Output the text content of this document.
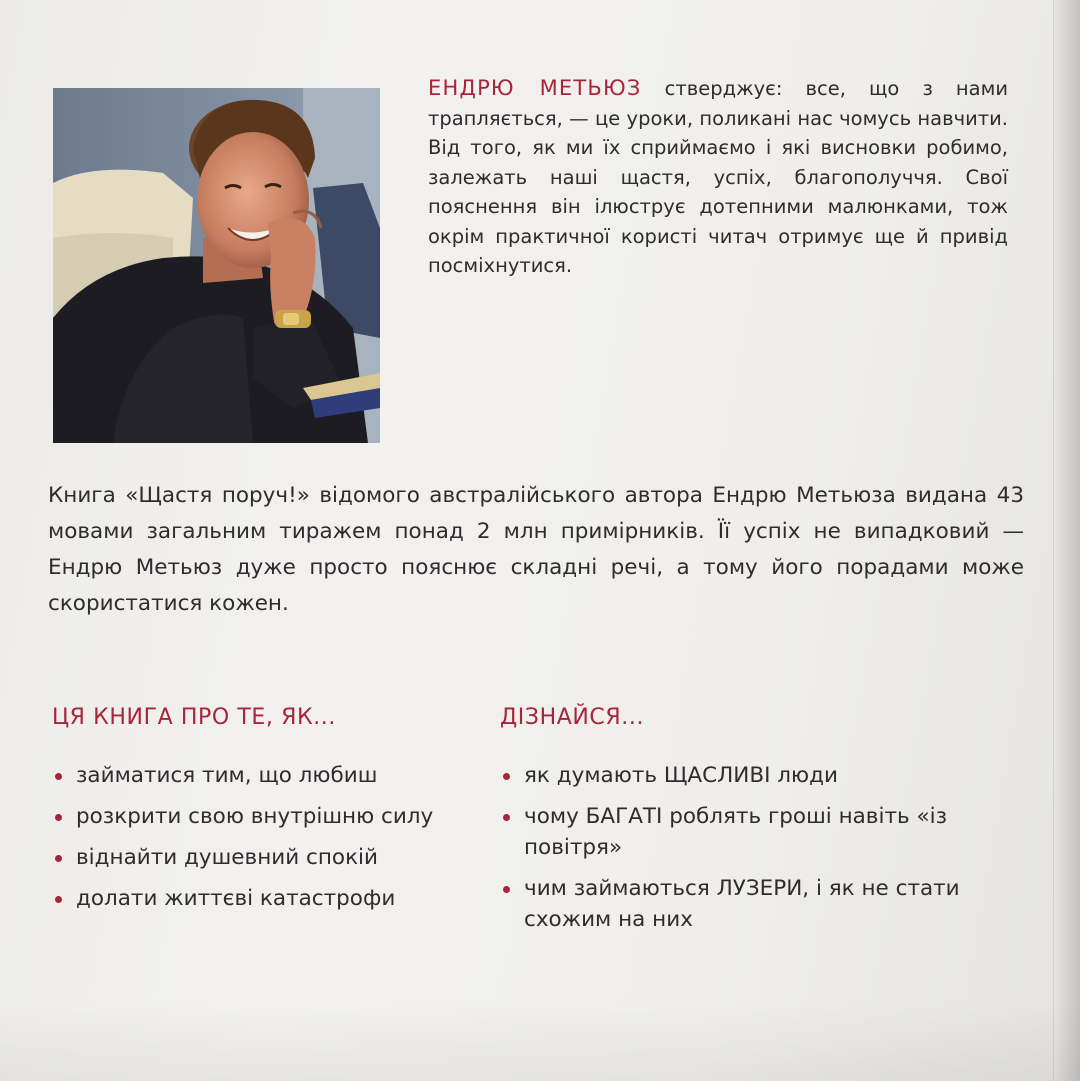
ЕНДРЮ МЕТЬЮЗ стверджує: все, що з нами трапляється, — це уроки, поликані нас чомусь навчити. Від того, як ми їх сприймаємо і які висновки робимо, залежать наші щастя, успіх, благополуччя. Свої пояснення він ілюструє дотепними малюнками, тож окрім практичної користі читач отримує ще й привід посміхнутися.
Книга «Щастя поруч!» відомого австралійського автора Ендрю Метьюза видана 43 мовами загальним тиражем понад 2 млн примірників. Її успіх не випадковий — Ендрю Метьюз дуже просто пояснює складні речі, а тому його порадами може скористатися кожен.
ЦЯ КНИГА ПРО ТЕ, ЯК...
займатися тим, що любиш
розкрити свою внутрішню силу
віднайти душевний спокій
долати життєві катастрофи
ДІЗНАЙСЯ...
як думають ЩАСЛИВІ люди
чому БАГАТІ роблять гроші навіть «із повітря»
чим займаються ЛУЗЕРИ, і як не стати схожим на них
